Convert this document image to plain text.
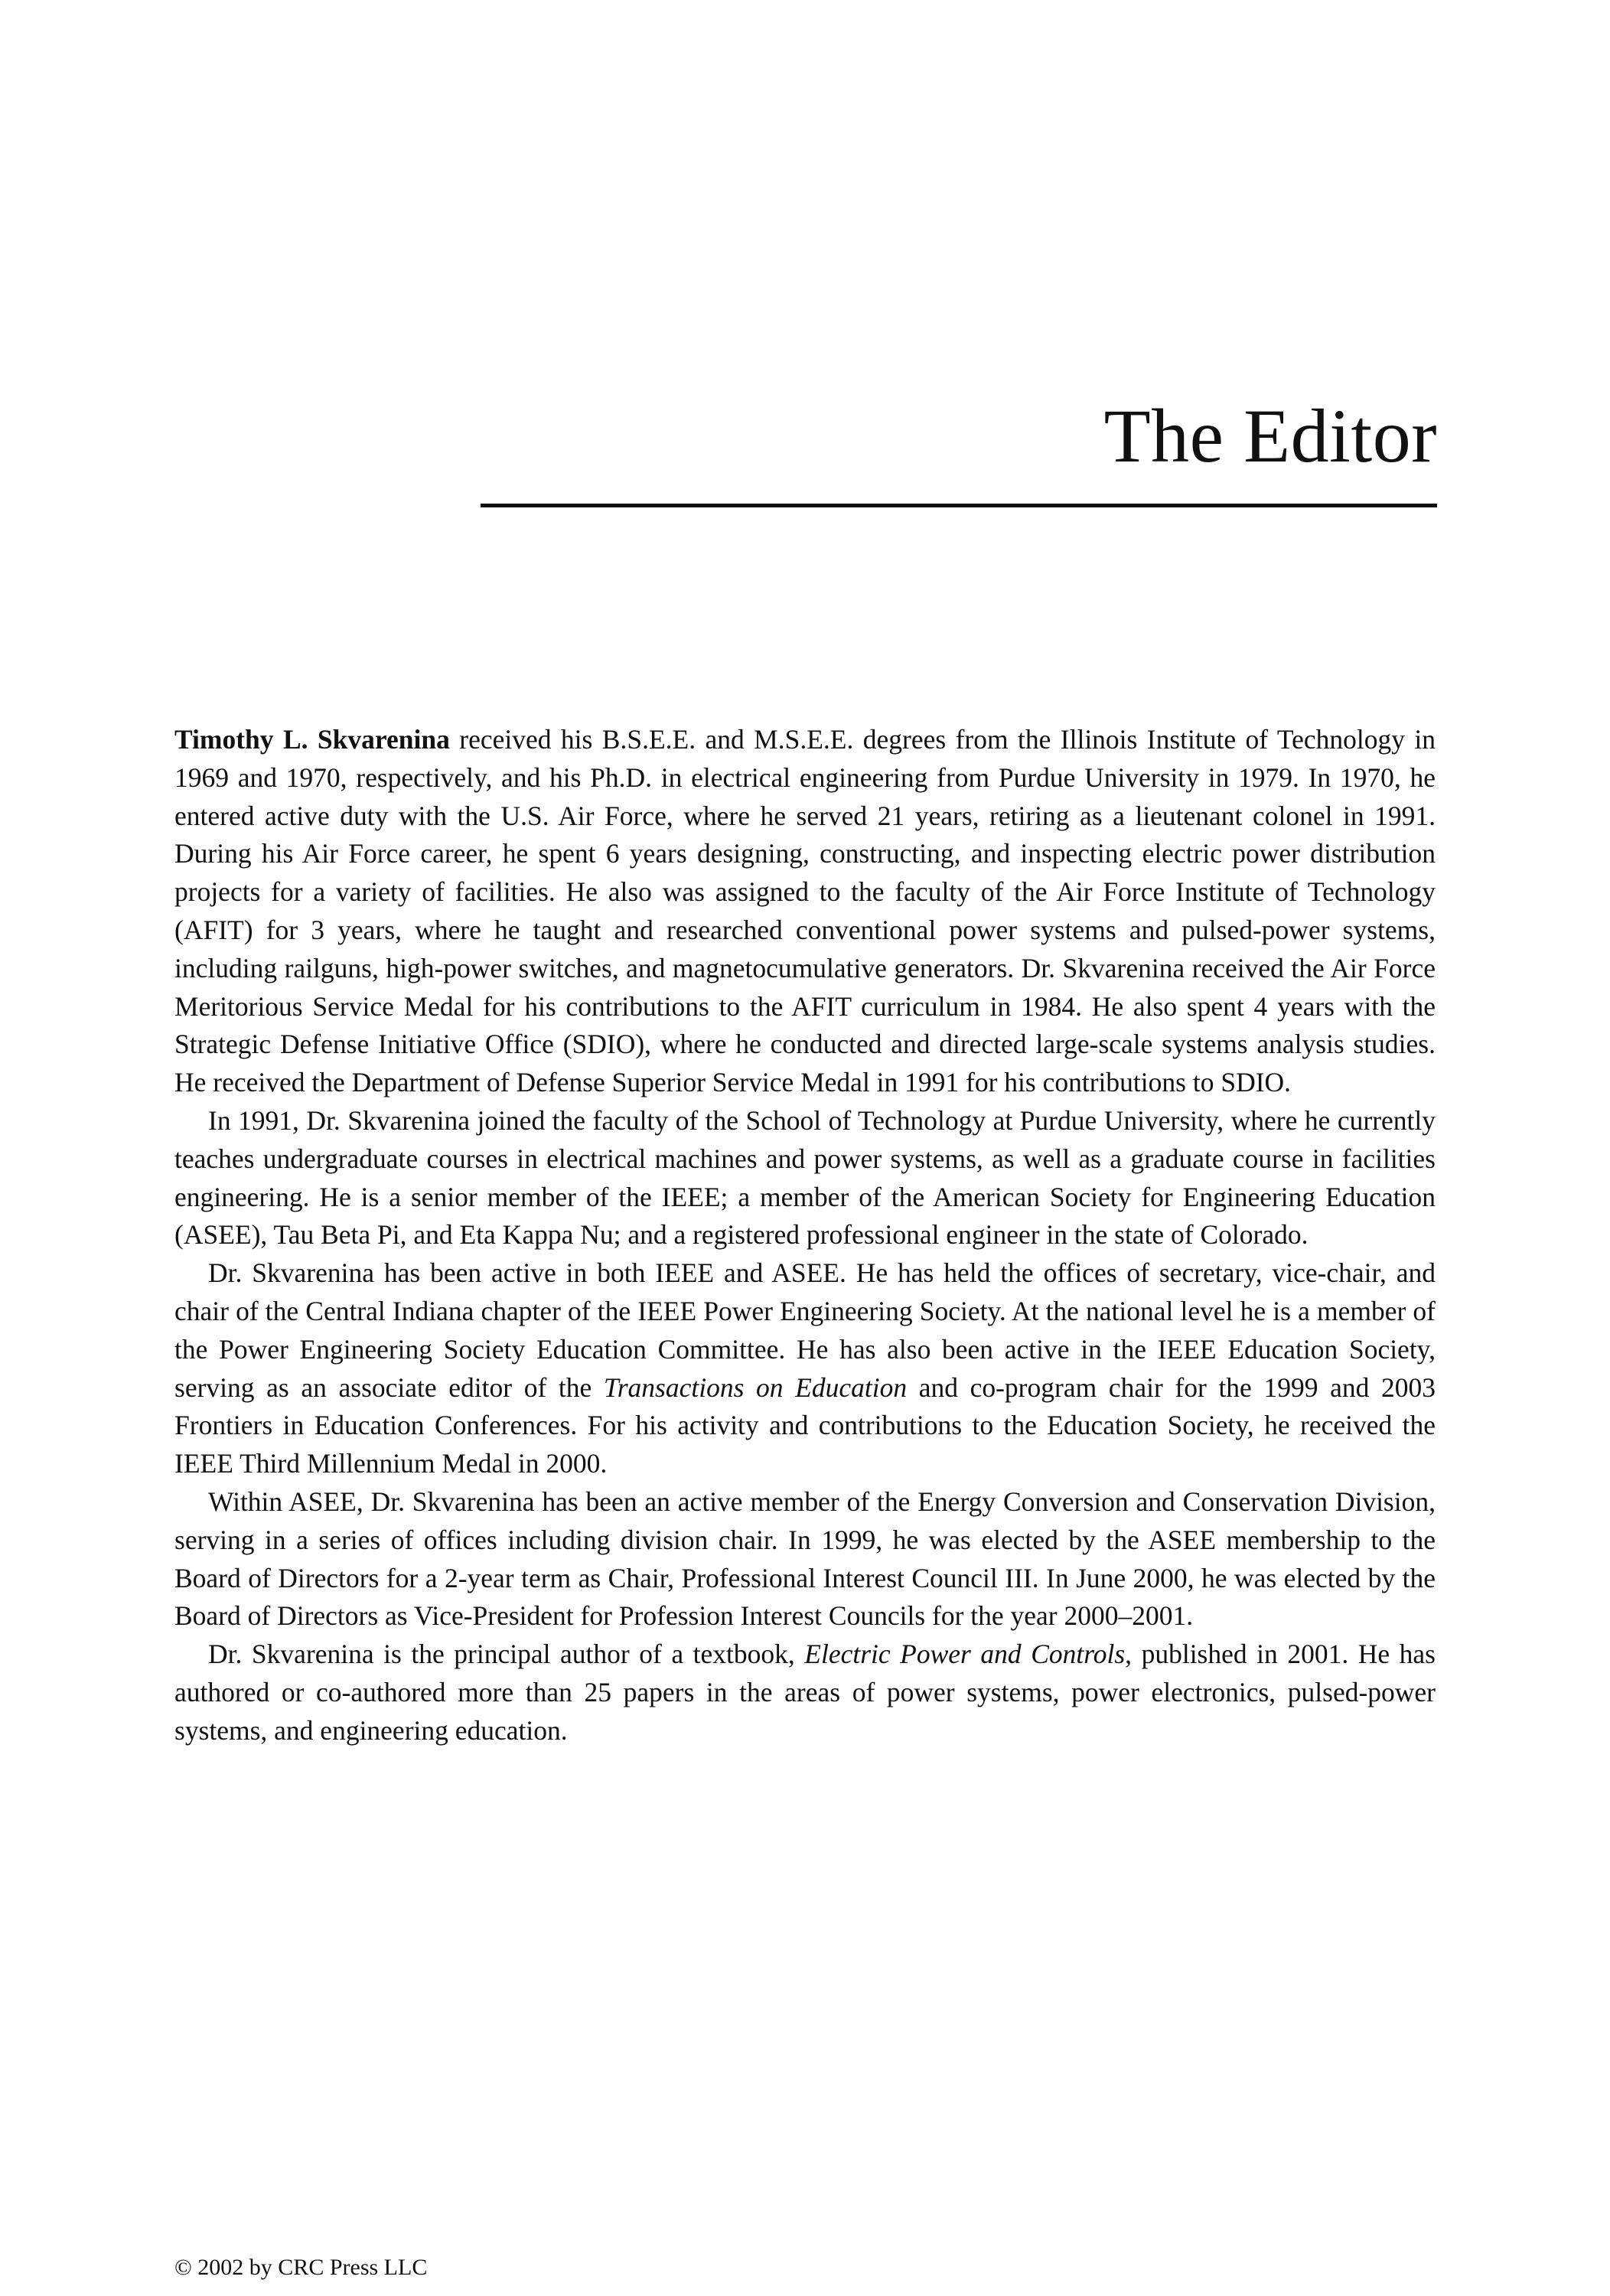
The Editor

Timothy L. Skvarenina received his B.S.E.E. and M.S.E.E. degrees from the Illinois Institute of Technology in 1969 and 1970, respectively, and his Ph.D. in electrical engineering from Purdue University in 1979. In 1970, he entered active duty with the U.S. Air Force, where he served 21 years, retiring as a lieutenant colonel in 1991. During his Air Force career, he spent 6 years designing, constructing, and inspecting electric power distribution projects for a variety of facilities. He also was assigned to the faculty of the Air Force Institute of Technology (AFIT) for 3 years, where he taught and researched conventional power systems and pulsed-power systems, including railguns, high-power switches, and magnetocumulative generators. Dr. Skvarenina received the Air Force Meritorious Service Medal for his contributions to the AFIT curriculum in 1984. He also spent 4 years with the Strategic Defense Initiative Office (SDIO), where he conducted and directed large-scale systems analysis studies. He received the Department of Defense Superior Service Medal in 1991 for his contributions to SDIO.

In 1991, Dr. Skvarenina joined the faculty of the School of Technology at Purdue University, where he currently teaches undergraduate courses in electrical machines and power systems, as well as a graduate course in facilities engineering. He is a senior member of the IEEE; a member of the American Society for Engineering Education (ASEE), Tau Beta Pi, and Eta Kappa Nu; and a registered professional engineer in the state of Colorado.

Dr. Skvarenina has been active in both IEEE and ASEE. He has held the offices of secretary, vice-chair, and chair of the Central Indiana chapter of the IEEE Power Engineering Society. At the national level he is a member of the Power Engineering Society Education Committee. He has also been active in the IEEE Education Society, serving as an associate editor of the Transactions on Education and co-program chair for the 1999 and 2003 Frontiers in Education Conferences. For his activity and contributions to the Education Society, he received the IEEE Third Millennium Medal in 2000.

Within ASEE, Dr. Skvarenina has been an active member of the Energy Conversion and Conservation Division, serving in a series of offices including division chair. In 1999, he was elected by the ASEE membership to the Board of Directors for a 2-year term as Chair, Professional Interest Council III. In June 2000, he was elected by the Board of Directors as Vice-President for Profession Interest Councils for the year 2000–2001.

Dr. Skvarenina is the principal author of a textbook, Electric Power and Controls, published in 2001. He has authored or co-authored more than 25 papers in the areas of power systems, power electronics, pulsed-power systems, and engineering education.

© 2002 by CRC Press LLC
